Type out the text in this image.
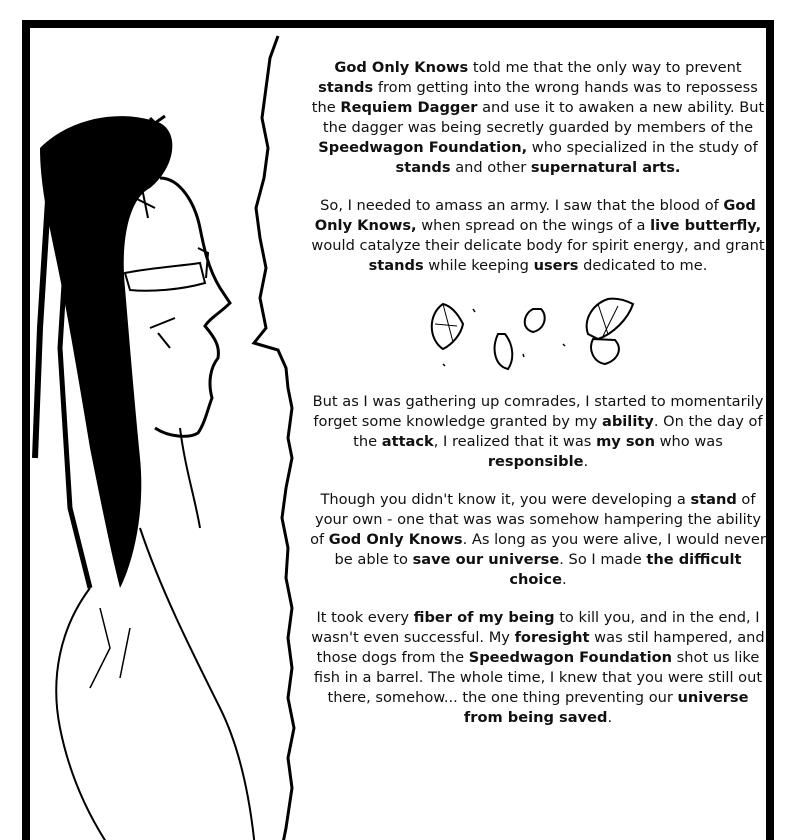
God Only Knows told me that the only way to prevent stands from getting into the wrong hands was to repossess the Requiem Dagger and use it to awaken a new ability. But the dagger was being secretly guarded by members of the Speedwagon Foundation, who specialized in the study of stands and other supernatural arts.

So, I needed to amass an army. I saw that the blood of God Only Knows, when spread on the wings of a live butterfly, would catalyze their delicate body for spirit energy, and grant stands while keeping users dedicated to me.

But as I was gathering up comrades, I started to momentarily forget some knowledge granted by my ability. On the day of the attack, I realized that it was my son who was responsible.

Though you didn't know it, you were developing a stand of your own - one that was was somehow hampering the ability of God Only Knows. As long as you were alive, I would never be able to save our universe. So I made the difficult choice.

It took every fiber of my being to kill you, and in the end, I wasn't even successful. My foresight was stil hampered, and those dogs from the Speedwagon Foundation shot us like fish in a barrel. The whole time, I knew that you were still out there, somehow... the one thing preventing our universe from being saved.
